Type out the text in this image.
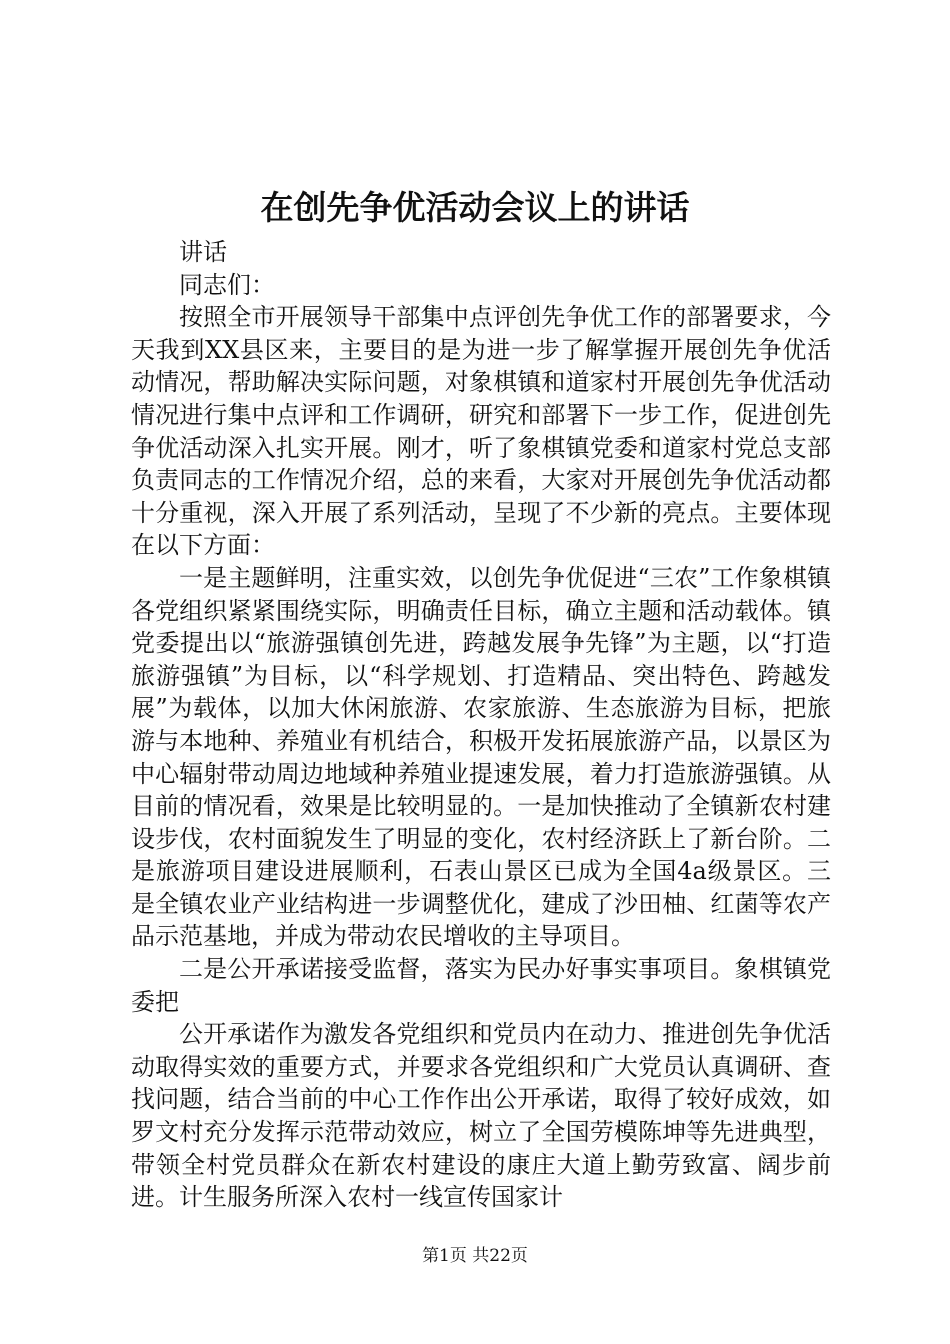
在创先争优活动会议上的讲话

讲话

同志们：

按照全市开展领导干部集中点评创先争优工作的部署要求，今天我到XX县区来，主要目的是为进一步了解掌握开展创先争优活动情况，帮助解决实际问题，对象棋镇和道家村开展创先争优活动情况进行集中点评和工作调研，研究和部署下一步工作，促进创先争优活动深入扎实开展。刚才，听了象棋镇党委和道家村党总支部负责同志的工作情况介绍，总的来看，大家对开展创先争优活动都十分重视，深入开展了系列活动，呈现了不少新的亮点。主要体现在以下方面：

一是主题鲜明，注重实效，以创先争优促进“三农”工作象棋镇各党组织紧紧围绕实际，明确责任目标，确立主题和活动载体。镇党委提出以“旅游强镇创先进，跨越发展争先锋”为主题，以“打造旅游强镇”为目标，以“科学规划、打造精品、突出特色、跨越发展”为载体，以加大休闲旅游、农家旅游、生态旅游为目标，把旅游与本地种、养殖业有机结合，积极开发拓展旅游产品，以景区为中心辐射带动周边地域种养殖业提速发展，着力打造旅游强镇。从目前的情况看，效果是比较明显的。一是加快推动了全镇新农村建设步伐，农村面貌发生了明显的变化，农村经济跃上了新台阶。二是旅游项目建设进展顺利，石表山景区已成为全国4a级景区。三是全镇农业产业结构进一步调整优化，建成了沙田柚、红菌等农产品示范基地，并成为带动农民增收的主导项目。

二是公开承诺接受监督，落实为民办好事实事项目。象棋镇党委把

公开承诺作为激发各党组织和党员内在动力、推进创先争优活动取得实效的重要方式，并要求各党组织和广大党员认真调研、查找问题，结合当前的中心工作作出公开承诺，取得了较好成效，如罗文村充分发挥示范带动效应，树立了全国劳模陈坤等先进典型，带领全村党员群众在新农村建设的康庄大道上勤劳致富、阔步前进。计生服务所深入农村一线宣传国家计

第1页 共22页
